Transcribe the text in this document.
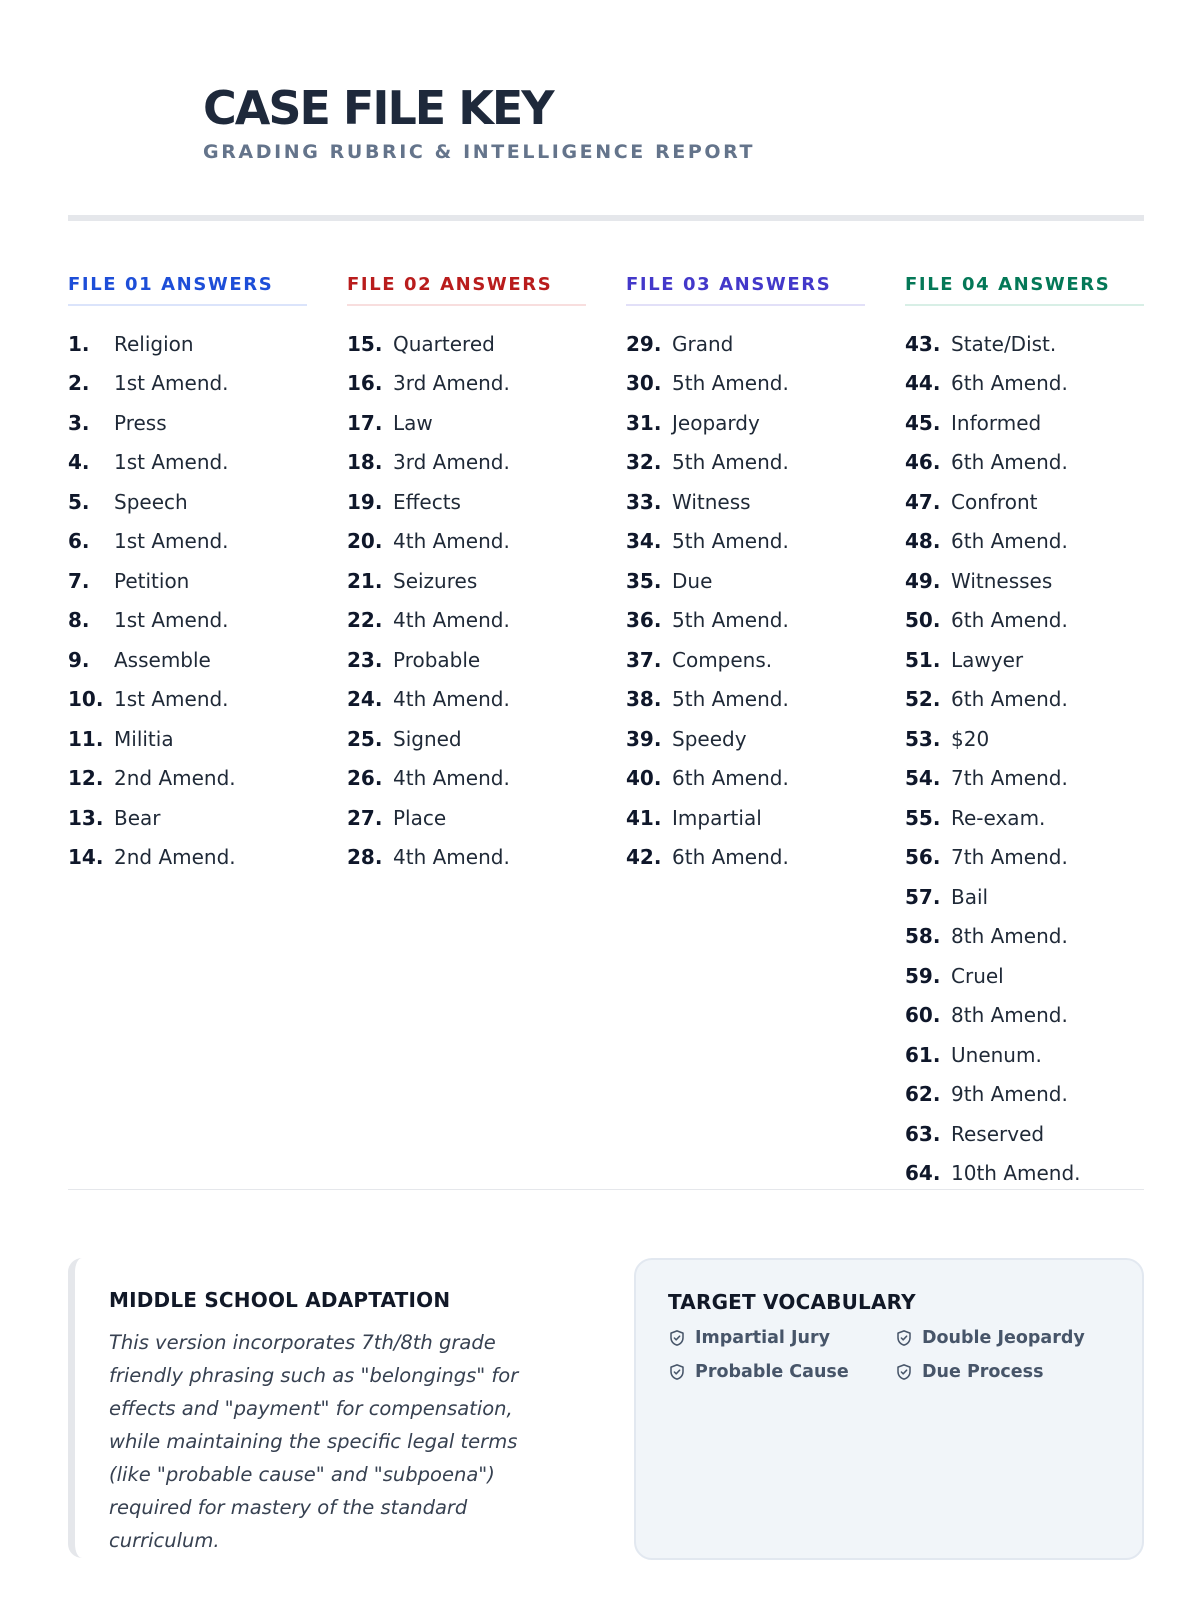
CASE FILE KEY
GRADING RUBRIC & INTELLIGENCE REPORT
FILE 01 ANSWERS
1.	Religion
2.	1st Amend.
3.	Press
4.	1st Amend.
5.	Speech
6.	1st Amend.
7.	Petition
8.	1st Amend.
9.	Assemble
10. 1st Amend.
11. Militia
12. 2nd Amend.
13. Bear
14. 2nd Amend.
FILE 02 ANSWERS
15. Quartered
16. 3rd Amend.
17. Law
18. 3rd Amend.
19. Effects
20. 4th Amend.
21. Seizures
22. 4th Amend.
23. Probable
24. 4th Amend.
25. Signed
26. 4th Amend.
27. Place
28. 4th Amend.
FILE 03 ANSWERS
29. Grand
30. 5th Amend.
31. Jeopardy
32. 5th Amend.
33. Witness
34. 5th Amend.
35. Due
36. 5th Amend.
37. Compens.
38. 5th Amend.
39. Speedy
40. 6th Amend.
41. Impartial
42. 6th Amend.
FILE 04 ANSWERS
43. State/Dist.
44. 6th Amend.
45. Informed
46. 6th Amend.
47. Confront
48. 6th Amend.
49. Witnesses
50. 6th Amend.
51. Lawyer
52. 6th Amend.
53. $20
54. 7th Amend.
55. Re-exam.
56. 7th Amend.
57. Bail
58. 8th Amend.
59. Cruel
60. 8th Amend.
61. Unenum.
62. 9th Amend.
63. Reserved
64. 10th Amend.
MIDDLE SCHOOL ADAPTATION
This version incorporates 7th/8th grade friendly phrasing such as "belongings" for effects and "payment" for compensation, while maintaining the specific legal terms (like "probable cause" and "subpoena") required for mastery of the standard curriculum.
TARGET VOCABULARY
Impartial Jury	Double Jeopardy
Probable Cause	Due Process
